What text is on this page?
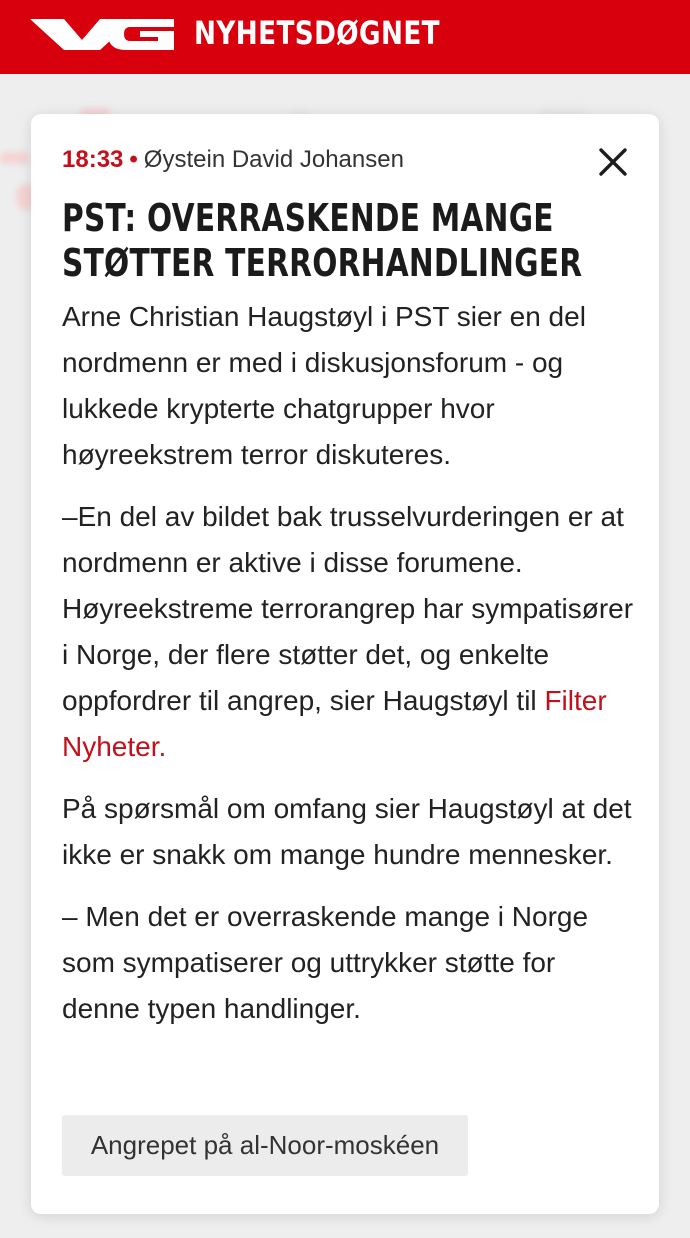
NYHETSDØGNET
18:33 • Øystein David Johansen
PST: OVERRASKENDE MANGE
STØTTER TERRORHANDLINGER

Arne Christian Haugstøyl i PST sier en del nordmenn er med i diskusjonsforum - og lukkede krypterte chatgrupper hvor høyreekstrem terror diskuteres.

–En del av bildet bak trusselvurderingen er at nordmenn er aktive i disse forumene. Høyreekstreme terrorangrep har sympatisører i Norge, der flere støtter det, og enkelte oppfordrer til angrep, sier Haugstøyl til Filter Nyheter.

På spørsmål om omfang sier Haugstøyl at det ikke er snakk om mange hundre mennesker.

– Men det er overraskende mange i Norge som sympatiserer og uttrykker støtte for denne typen handlinger.

Angrepet på al-Noor-moskéen
